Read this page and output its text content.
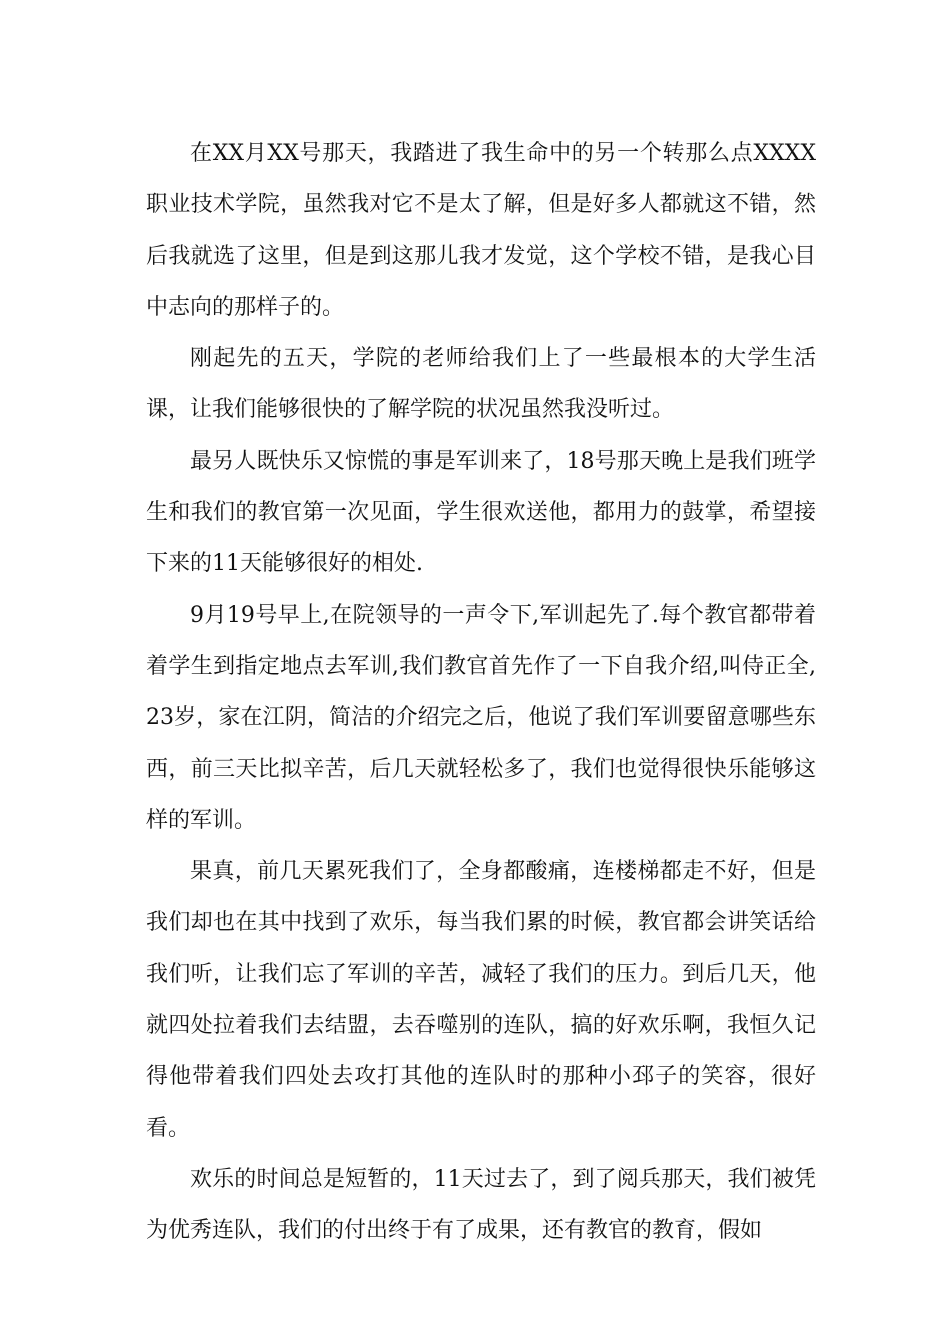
在XX月XX号那天，我踏进了我生命中的另一个转那么点XXXX职业技术学院，虽然我对它不是太了解，但是好多人都就这不错，然后我就选了这里，但是到这那儿我才发觉，这个学校不错，是我心目中志向的那样子的。

刚起先的五天，学院的老师给我们上了一些最根本的大学生活课，让我们能够很快的了解学院的状况虽然我没听过。

最另人既快乐又惊慌的事是军训来了，18号那天晚上是我们班学生和我们的教官第一次见面，学生很欢送他，都用力的鼓掌，希望接下来的11天能够很好的相处.

9月19号早上,在院领导的一声令下,军训起先了.每个教官都带着着学生到指定地点去军训,我们教官首先作了一下自我介绍,叫侍正全,23岁，家在江阴，简洁的介绍完之后，他说了我们军训要留意哪些东西，前三天比拟辛苦，后几天就轻松多了，我们也觉得很快乐能够这样的军训。

果真，前几天累死我们了，全身都酸痛，连楼梯都走不好，但是我们却也在其中找到了欢乐，每当我们累的时候，教官都会讲笑话给我们听，让我们忘了军训的辛苦，减轻了我们的压力。到后几天，他就四处拉着我们去结盟，去吞噬别的连队，搞的好欢乐啊，我恒久记得他带着我们四处去攻打其他的连队时的那种小邳子的笑容，很好看。

欢乐的时间总是短暂的，11天过去了，到了阅兵那天，我们被凭为优秀连队，我们的付出终于有了成果，还有教官的教育，假如
